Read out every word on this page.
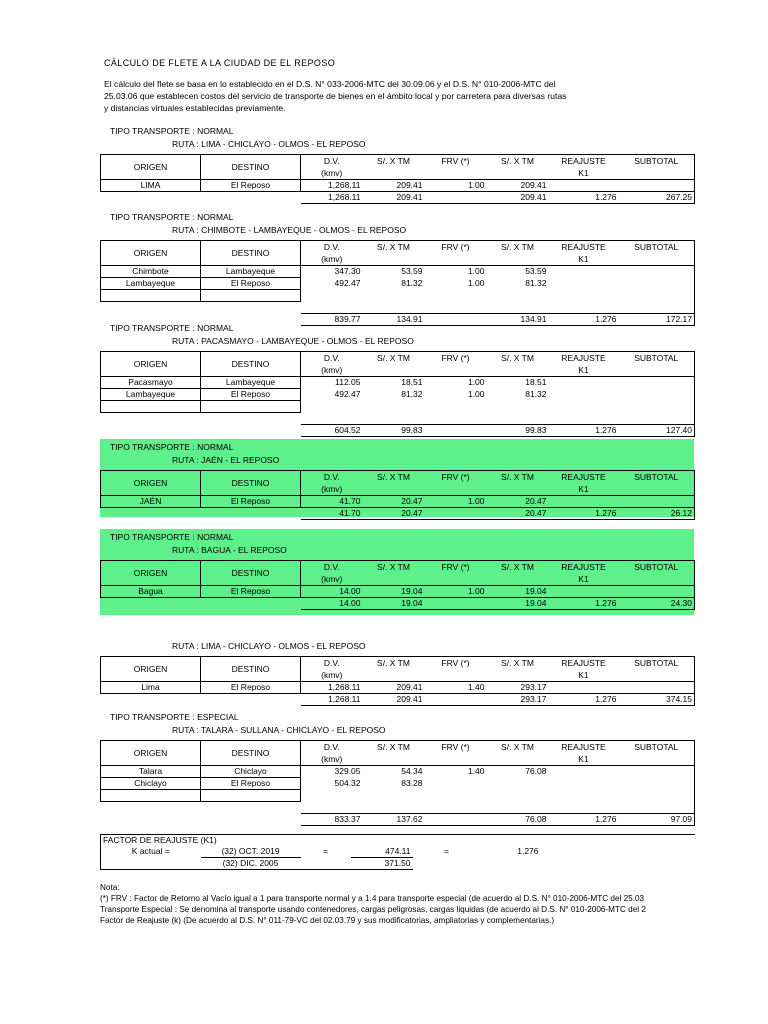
CÁLCULO DE FLETE A LA CIUDAD DE EL REPOSO
El cálculo del flete se basa en lo establecido en el D.S. N° 033-2006-MTC del 30.09.06 y el D.S. N° 010-2006-MTC del
25.03.06 que establecen costos del servicio de transporte de bienes en el ámbito local y por carretera para diversas rutas
y distancias virtuales establecidas previamente.
TIPO TRANSPORTE : NORMAL
RUTA : LIMA - CHICLAYO - OLMOS - EL REPOSO
ORIGEN	DESTINO	D.V.	S/. X TM	FRV (*)	S/. X TM	REAJUSTE	SUBTOTAL
		(kmv)				K1	
LIMA	El Reposo	1,268.11	209.41	1.00	209.41		
		1,268.11	209.41		209.41	1.276	267.25
TIPO TRANSPORTE : NORMAL
RUTA : CHIMBOTE - LAMBAYEQUE - OLMOS - EL REPOSO
ORIGEN	DESTINO	D.V.	S/. X TM	FRV (*)	S/. X TM	REAJUSTE	SUBTOTAL
		(kmv)				K1	
Chimbote	Lambayeque	347.30	53.59	1.00	53.59		
Lambayeque	El Reposo	492.47	81.32	1.00	81.32		

		839.77	134.91		134.91	1.276	172.17
TIPO TRANSPORTE : NORMAL
RUTA : PACASMAYO - LAMBAYEQUE - OLMOS - EL REPOSO
ORIGEN	DESTINO	D.V.	S/. X TM	FRV (*)	S/. X TM	REAJUSTE	SUBTOTAL
		(kmv)				K1	
Pacasmayo	Lambayeque	112.05	18.51	1.00	18.51		
Lambayeque	El Reposo	492.47	81.32	1.00	81.32		

		604.52	99.83		99.83	1.276	127.40
TIPO TRANSPORTE : NORMAL
RUTA : JAÉN - EL REPOSO
ORIGEN	DESTINO	D.V.	S/. X TM	FRV (*)	S/. X TM	REAJUSTE	SUBTOTAL
		(kmv)				K1	
JAÉN	El Reposo	41.70	20.47	1.00	20.47		
		41.70	20.47		20.47	1.276	26.12
TIPO TRANSPORTE : NORMAL
RUTA : BAGUA - EL REPOSO
ORIGEN	DESTINO	D.V.	S/. X TM	FRV (*)	S/. X TM	REAJUSTE	SUBTOTAL
		(kmv)				K1	
Bagua	El Reposo	14.00	19.04	1.00	19.04		
		14.00	19.04		19.04	1.276	24.30
RUTA : LIMA - CHICLAYO - OLMOS - EL REPOSO
ORIGEN	DESTINO	D.V.	S/. X TM	FRV (*)	S/. X TM	REAJUSTE	SUBTOTAL
		(kmv)				K1	
Lima	El Reposo	1,268.11	209.41	1.40	293.17		
		1,268.11	209.41		293.17	1.276	374.15
TIPO TRANSPORTE : ESPECIAL
RUTA : TALARA - SULLANA - CHICLAYO - EL REPOSO
ORIGEN	DESTINO	D.V.	S/. X TM	FRV (*)	S/. X TM	REAJUSTE	SUBTOTAL
		(kmv)				K1	
Talara	Chiclayo	329.05	54.34	1.40	76.08		
Chiclayo	El Reposo	504.32	83.28				

		833.37	137.62		76.08	1.276	97.09
FACTOR DE REAJUSTE (K1)						
K actual =	(32) OCT. 2019	=	474.11	=	1.276	
	(32) DIC. 2005		371.50			
Nota:
(*) FRV : Factor de Retorno al Vacío igual a 1 para transporte normal y a 1.4 para transporte especial (de acuerdo al D.S. N° 010-2006-MTC del 25.03
Transporte Especial : Se denomina al transporte usando contenedores, cargas peligrosas, cargas liquidas (de acuerdo al D.S. N° 010-2006-MTC del 2
Factor de Reajuste (k) (De acuerdo al D.S. N° 011-79-VC del 02.03.79 y sus modificatorias, ampliatorias y complementarias.)
